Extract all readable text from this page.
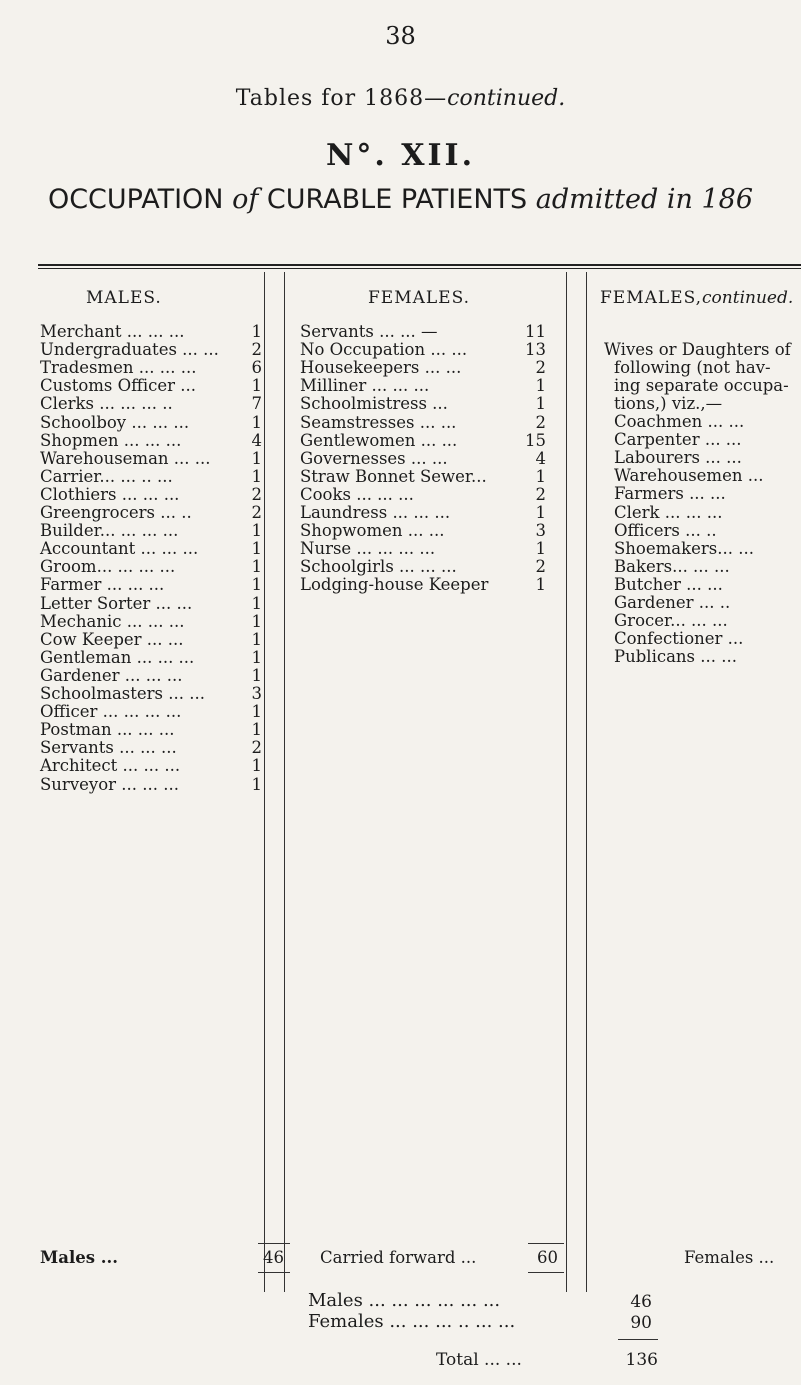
38
Tables for 1868—continued.
N°. XII.
OCCUPATION of CURABLE PATIENTS admitted in 186
MALES.	FEMALES.	FEMALES,continued.
Merchant ... ... ...	1
Undergraduates ... ...	2
Tradesmen ... ... ...	6
Customs Officer ...	1
Clerks ... ... ... ..	7
Schoolboy ... ... ...	1
Shopmen ... ... ...	4
Warehouseman ... ...	1
Carrier... ... .. ...	1
Clothiers ... ... ...	2
Greengrocers ... ..	2
Builder... ... ... ...	1
Accountant ... ... ...	1
Groom... ... ... ...	1
Farmer ... ... ...	1
Letter Sorter ... ...	1
Mechanic ... ... ...	1
Cow Keeper ... ...	1
Gentleman ... ... ...	1
Gardener ... ... ...	1
Schoolmasters ... ...	3
Officer ... ... ... ...	1
Postman ... ... ...	1
Servants ... ... ...	2
Architect ... ... ...	1
Surveyor ... ... ...	1
Servants ... ... —	11
No Occupation ... ...	13
Housekeepers ... ...	2
Milliner ... ... ...	1
Schoolmistress ...	1
Seamstresses ... ...	2
Gentlewomen ... ...	15
Governesses ... ...	4
Straw Bonnet Sewer...	1
Cooks ... ... ...	2
Laundress ... ... ...	1
Shopwomen ... ...	3
Nurse ... ... ... ...	1
Schoolgirls ... ... ...	2
Lodging-house Keeper	1
Wives or Daughters of
following (not hav-
ing separate occupa-
tions,) viz.,—
Coachmen ... ...
Carpenter ... ...
Labourers ... ...
Warehousemen ...
Farmers ... ...
Clerk ... ... ...
Officers ... ..
Shoemakers... ...
Bakers... ... ...
Butcher ... ...
Gardener ... ..
Grocer... ... ...
Confectioner ...
Publicans ... ...
Males ...	46 Carried forward ...	60	Females ...
Males ... ... ... ... ... ...	46
Females ... ... ... .. ... ...	90
Total ... ...	136
